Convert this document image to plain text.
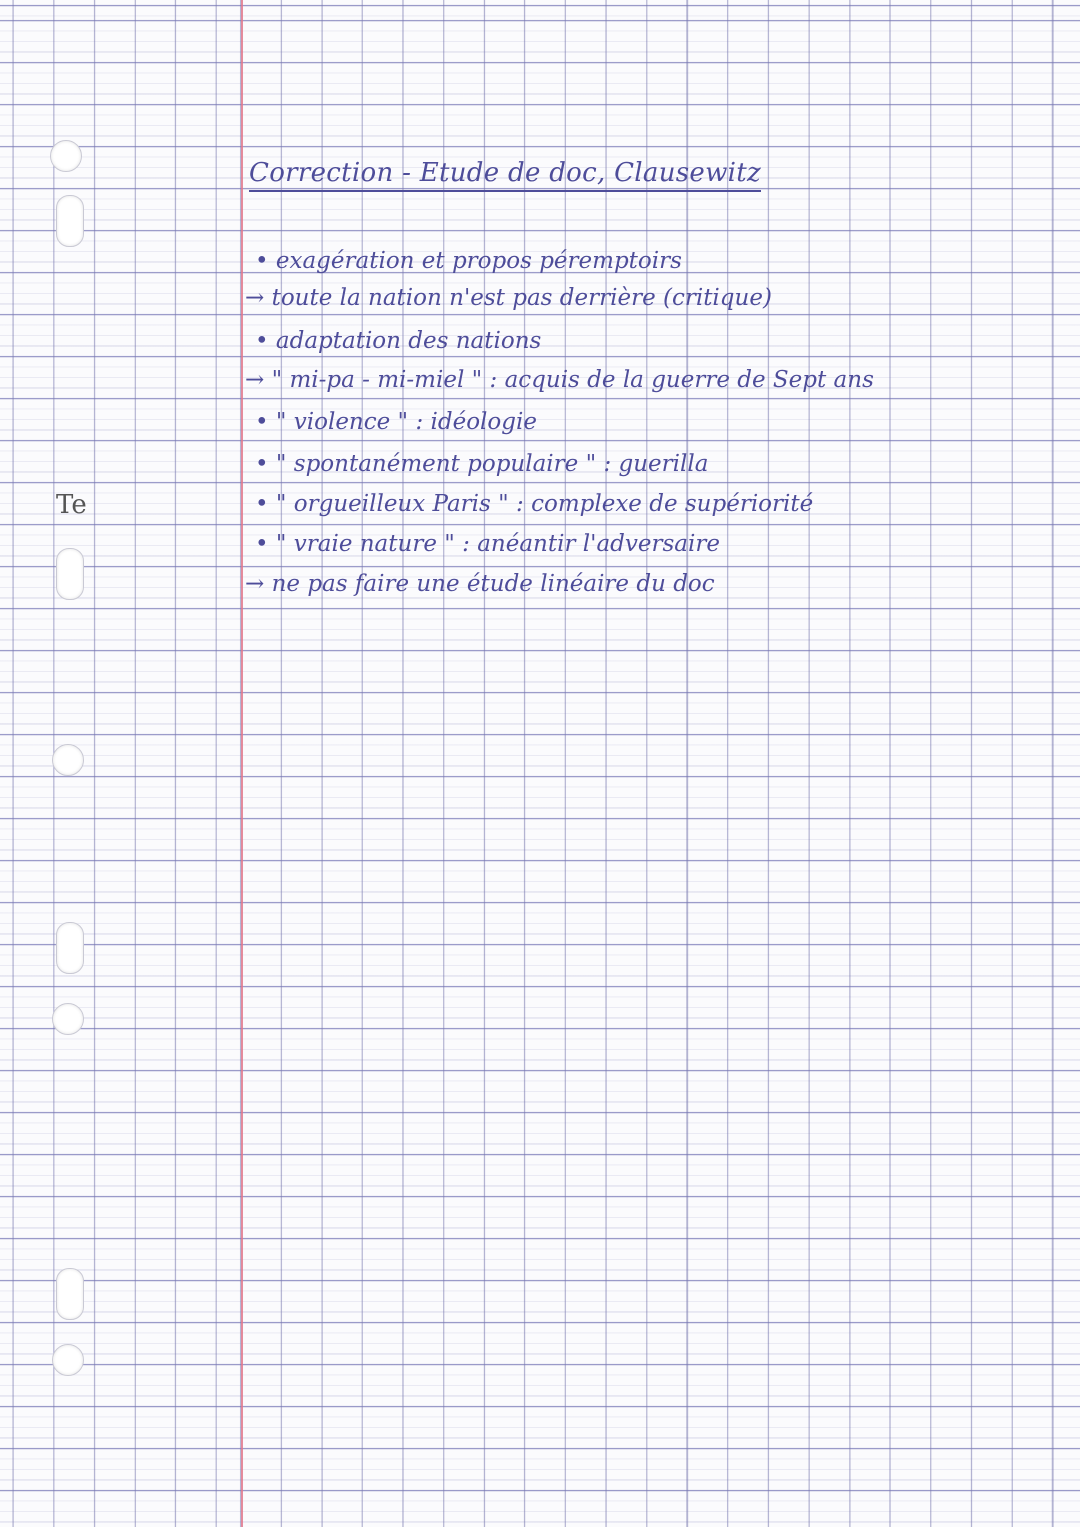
Te
Correction - Etude de doc, Clausewitz
• exagération et propos péremptoirs
→ toute la nation n'est pas derrière (critique)
• adaptation des nations
→ " mi-pa - mi-miel " : acquis de la guerre de Sept ans
• " violence " : idéologie
• " spontanément populaire " : guerilla
• " orgueilleux Paris " : complexe de supériorité
• " vraie nature " : anéantir l'adversaire
→ ne pas faire une étude linéaire du doc
